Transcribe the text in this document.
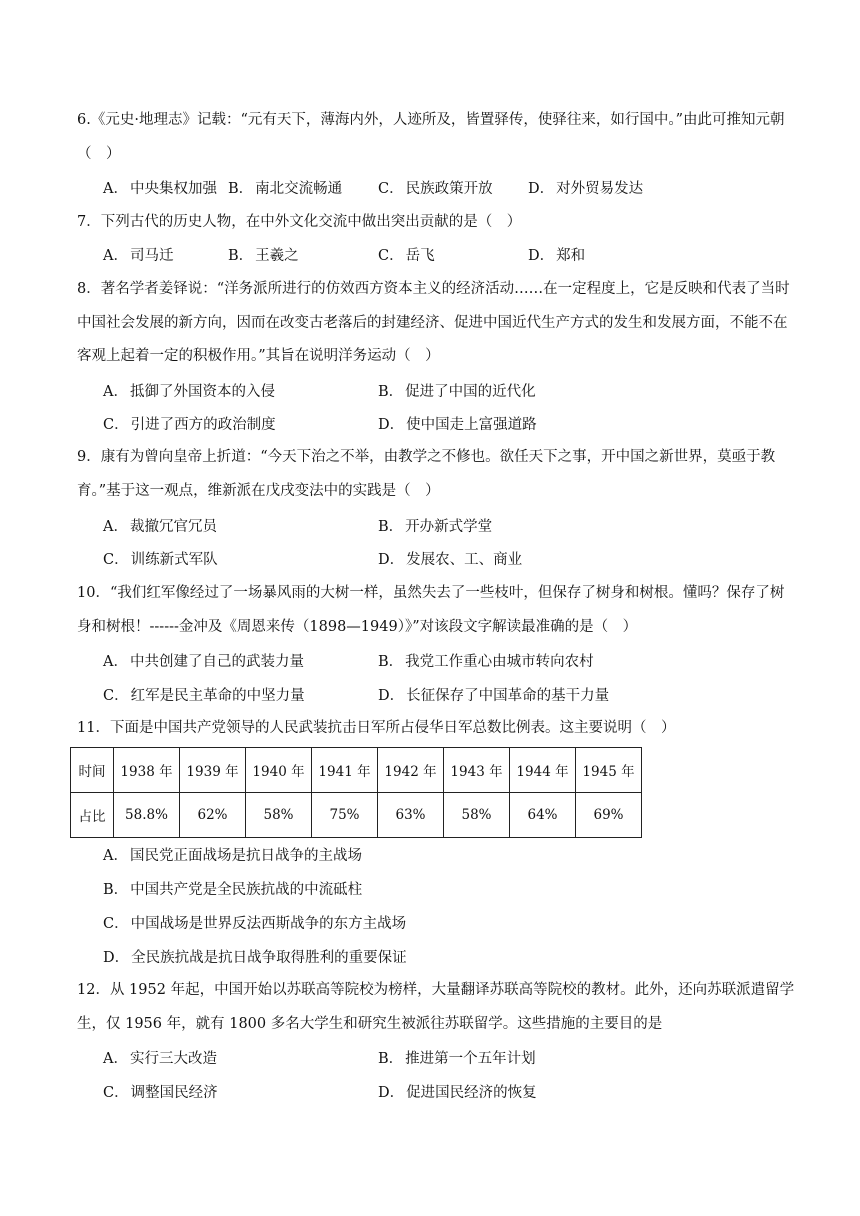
6.《元史·地理志》记载：“元有天下，薄海内外，人迹所及，皆置驿传，使驿往来，如行国中。”由此可推知元朝（　）
A． 中央集权加强 B． 南北交流畅通 C． 民族政策开放 D． 对外贸易发达
7．下列古代的历史人物，在中外文化交流中做出突出贡献的是（　）
A． 司马迁	B． 王羲之	C． 岳飞	D． 郑和
8．著名学者姜铎说：“洋务派所进行的仿效西方资本主义的经济活动……在一定程度上，它是反映和代表了当时中国社会发展的新方向，因而在改变古老落后的封建经济、促进中国近代生产方式的发生和发展方面，不能不在客观上起着一定的积极作用。”其旨在说明洋务运动（　）
A． 抵御了外国资本的入侵	B． 促进了中国的近代化
C． 引进了西方的政治制度	D． 使中国走上富强道路
9．康有为曾向皇帝上折道：“今天下治之不举，由教学之不修也。欲任天下之事，开中国之新世界，莫亟于教育。”基于这一观点，维新派在戊戌变法中的实践是（　）
A． 裁撤冗官冗员	B． 开办新式学堂
C． 训练新式军队	D． 发展农、工、商业
10．“我们红军像经过了一场暴风雨的大树一样，虽然失去了一些枝叶，但保存了树身和树根。懂吗？保存了树身和树根！------金冲及《周恩来传（1898—1949）》”对该段文字解读最准确的是（　）
A． 中共创建了自己的武装力量	B． 我党工作重心由城市转向农村
C． 红军是民主革命的中坚力量	D． 长征保存了中国革命的基干力量
11．下面是中国共产党领导的人民武装抗击日军所占侵华日军总数比例表。这主要说明（　）
时间	1938 年	1939 年	1940 年	1941 年	1942 年	1943 年	1944 年	1945 年
占比	58.8%	62%	58%	75%	63%	58%	64%	69%
A． 国民党正面战场是抗日战争的主战场
B． 中国共产党是全民族抗战的中流砥柱
C． 中国战场是世界反法西斯战争的东方主战场
D． 全民族抗战是抗日战争取得胜利的重要保证
12．从 1952 年起，中国开始以苏联高等院校为榜样，大量翻译苏联高等院校的教材。此外，还向苏联派遣留学生，仅 1956 年，就有 1800 多名大学生和研究生被派往苏联留学。这些措施的主要目的是
A． 实行三大改造	B． 推进第一个五年计划
C． 调整国民经济	D． 促进国民经济的恢复
